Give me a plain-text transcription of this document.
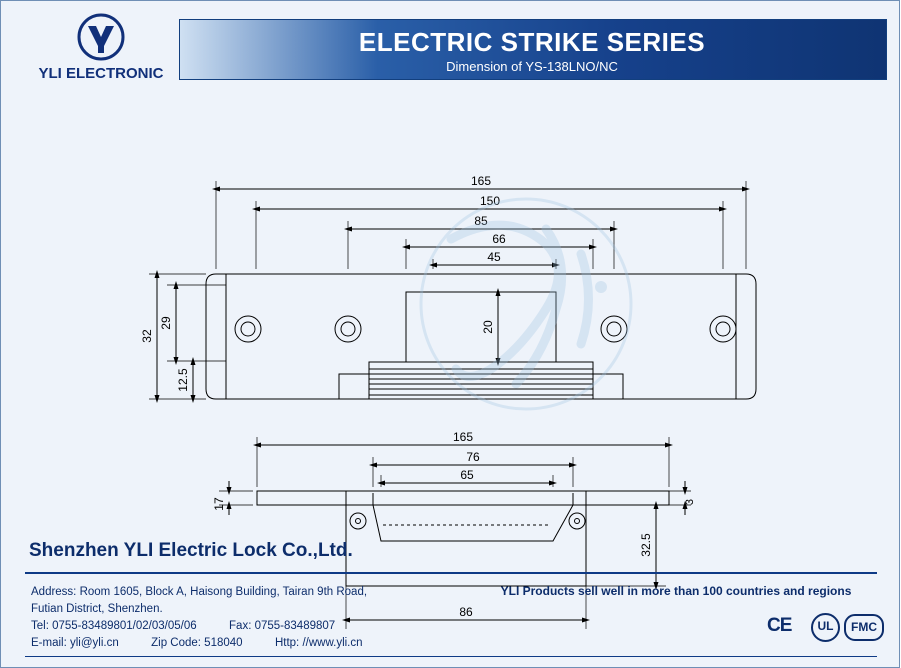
ELECTRIC STRIKE SERIES
Dimension of YS-138LNO/NC
YLI ELECTRONIC
165
150
85
66
45
32
29
12.5
20
165
76
65
86
17	3
32.5
Shenzhen YLI Electric Lock Co.,Ltd.
Address: Room 1605, Block A, Haisong Building, Tairan 9th Road,
Futian District, Shenzhen.
Tel: 0755-83489801/02/03/05/06	Fax: 0755-83489807
E-mail: yli@yli.cn	Zip Code: 518040	Http: //www.yli.cn
YLI Products sell well in more than 100 countries and regions
CE	UL	FMC
